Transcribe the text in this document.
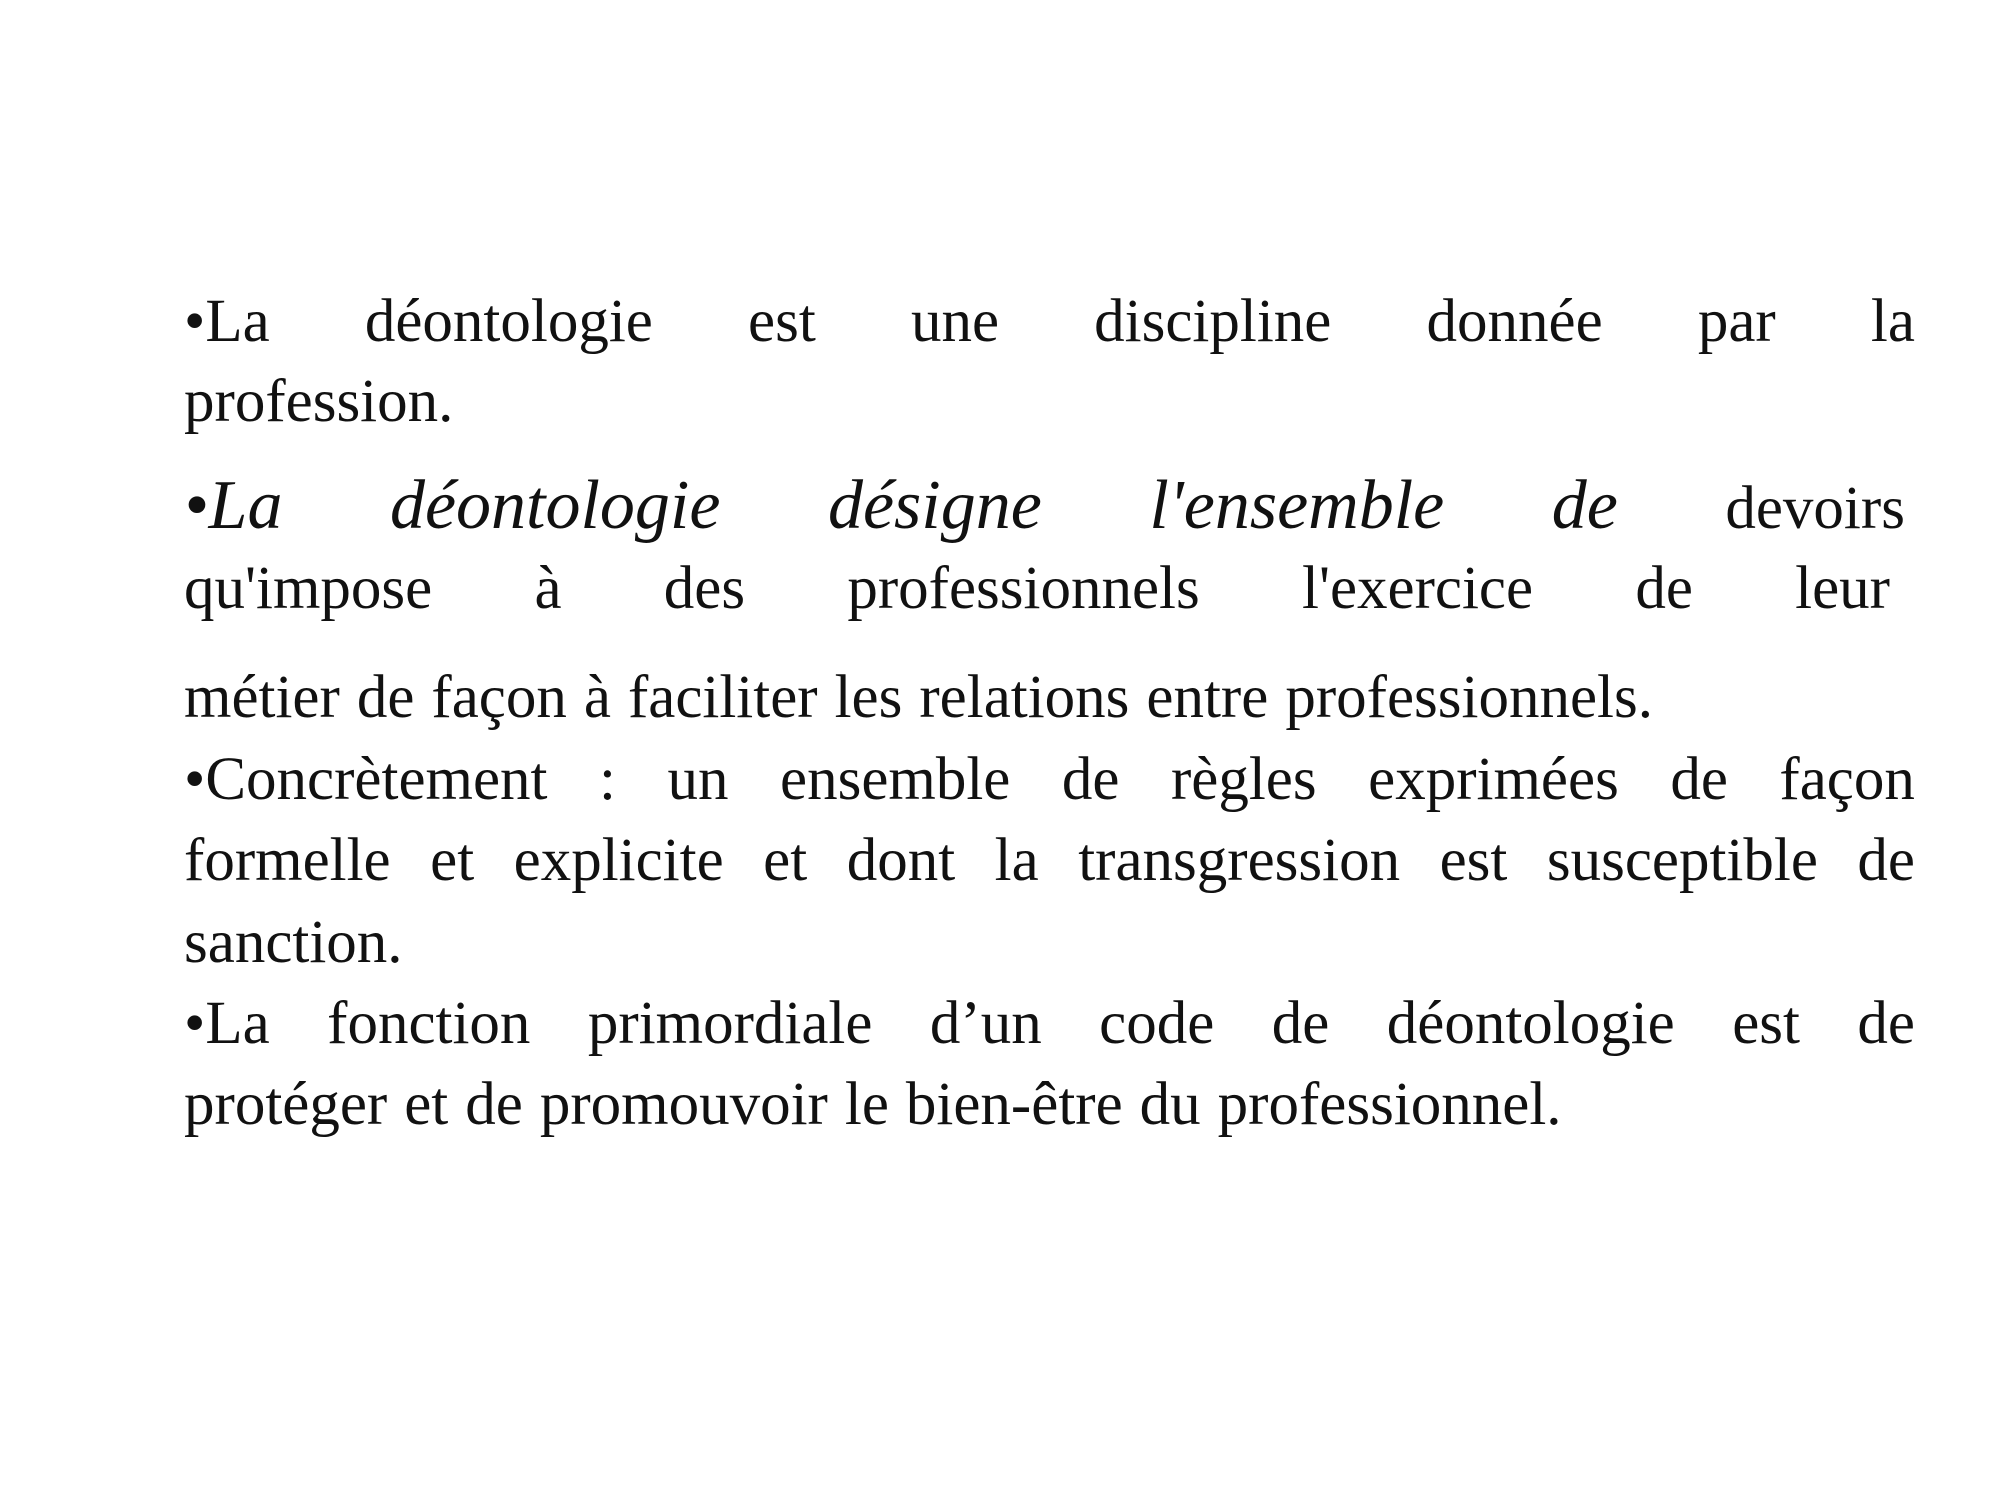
•La déontologie est une discipline donnée par la
profession.
•La déontologie désigne l'ensemble de devoirs
qu'impose à des professionnels l'exercice de leur
métier de façon à faciliter les relations entre professionnels.
•Concrètement : un ensemble de règles exprimées de façon
formelle et explicite et dont la transgression est susceptible de
sanction.
•La fonction primordiale d’un code de déontologie est de
protéger et de promouvoir le bien-être du professionnel.
